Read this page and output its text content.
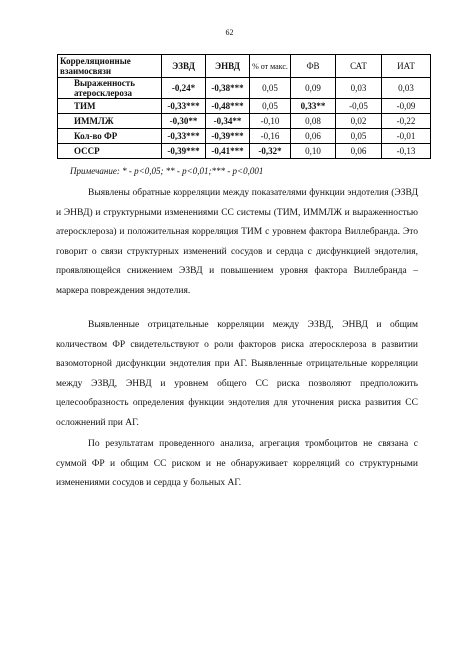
62
Корреляционные взаимосвязи	ЭЗВД	ЭНВД	% от макс.	ФВ	САТ	ИАТ
Выраженность атеросклероза	-0,24*	-0,38***	0,05	0,09	0,03	0,03
ТИМ	-0,33***	-0,48***	0,05	0,33**	-0,05	-0,09
ИММЛЖ	-0,30**	-0,34**	-0,10	0,08	0,02	-0,22
Кол-во ФР	-0,33***	-0,39***	-0,16	0,06	0,05	-0,01
ОССР	-0,39***	-0,41***	-0,32*	0,10	0,06	-0,13
Примечание: * - p<0,05; ** - p<0,01;*** - p<0,001

Выявлены обратные корреляции между показателями функции эндотелия (ЭЗВД и ЭНВД) и структурными изменениями СС системы (ТИМ, ИММЛЖ и выраженностью атеросклероза) и положительная корреляция ТИМ с уровнем фактора Виллебранда. Это говорит о связи структурных изменений сосудов и сердца с дисфункцией эндотелия, проявляющейся снижением ЭЗВД и повышением уровня фактора Виллебранда – маркера повреждения эндотелия.

Выявленные отрицательные корреляции между ЭЗВД, ЭНВД и общим количеством ФР свидетельствуют о роли факторов риска атеросклероза в развитии вазомоторной дисфункции эндотелия при АГ. Выявленные отрицательные корреляции между ЭЗВД, ЭНВД и уровнем общего СС риска позволяют предположить целесообразность определения функции эндотелия для уточнения риска развития СС осложнений при АГ.

По результатам проведенного анализа, агрегация тромбоцитов не связана с суммой ФР и общим СС риском и не обнаруживает корреляций со структурными изменениями сосудов и сердца у больных АГ.
